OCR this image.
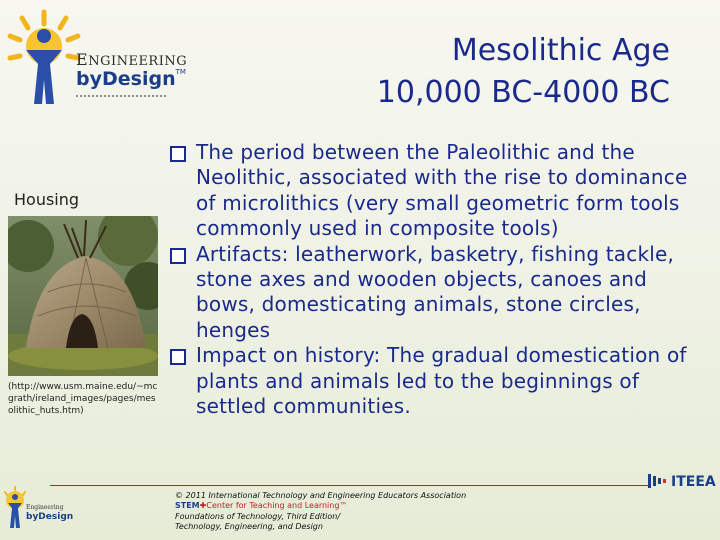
ENGINEERING
byDesign™
Mesolithic Age
10,000 BC-4000 BC
Housing
(http://www.usm.maine.edu/~mcgrath/ireland_images/pages/mesolithic_huts.htm)
The period between the Paleolithic and the Neolithic, associated with the rise to dominance of microlithics (very small geometric form tools commonly used in composite tools)
Artifacts: leatherwork, basketry, fishing tackle, stone axes and wooden objects, canoes and bows, domesticating animals, stone circles, henges
Impact on history: The gradual domestication of plants and animals led to the beginnings of settled communities.
ITEEA
Engineering
byDesign
© 2011 International Technology and Engineering Educators Association
STEM✚Center for Teaching and Learning™
Foundations of Technology, Third Edition/
Technology, Engineering, and Design
